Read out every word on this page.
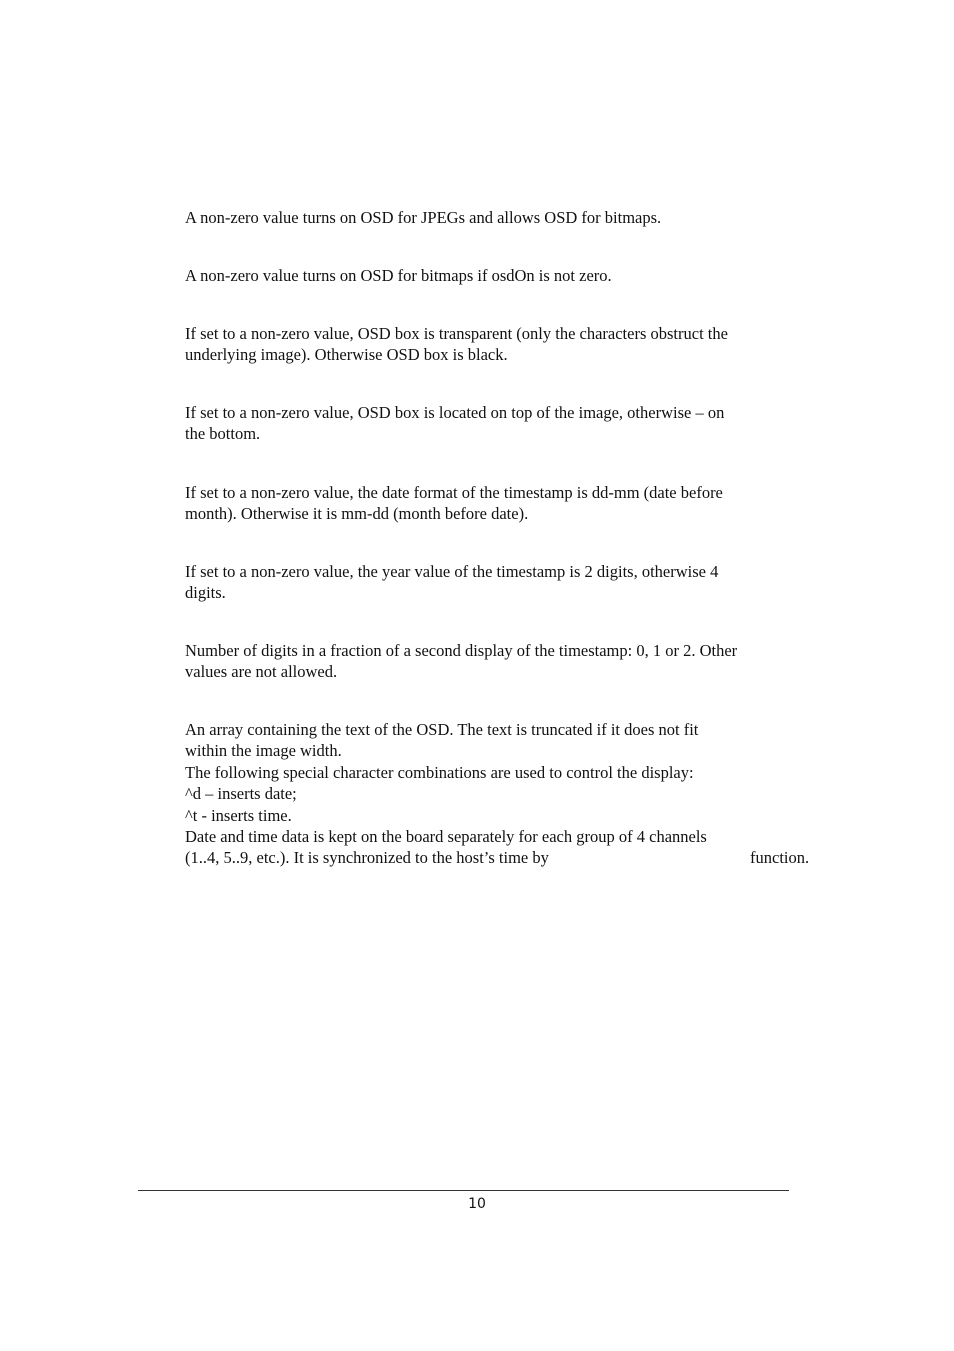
A non-zero value turns on OSD for JPEGs and allows OSD for bitmaps.

A non-zero value turns on OSD for bitmaps if osdOn is not zero.

If set to a non-zero value, OSD box is transparent (only the characters obstruct the
underlying image). Otherwise OSD box is black.

If set to a non-zero value, OSD box is located on top of the image, otherwise – on
the bottom.

If set to a non-zero value, the date format of the timestamp is dd-mm (date before
month). Otherwise it is mm-dd (month before date).

If set to a non-zero value, the year value of the timestamp is 2 digits, otherwise 4
digits.

Number of digits in a fraction of a second display of the timestamp: 0, 1 or 2. Other
values are not allowed.

An array containing the text of the OSD. The text is truncated if it does not fit
within the image width.
The following special character combinations are used to control the display:
^d – inserts date;
^t - inserts time.
Date and time data is kept on the board separately for each group of 4 channels
(1..4, 5..9, etc.). It is synchronized to the host’s time by	function.

10
